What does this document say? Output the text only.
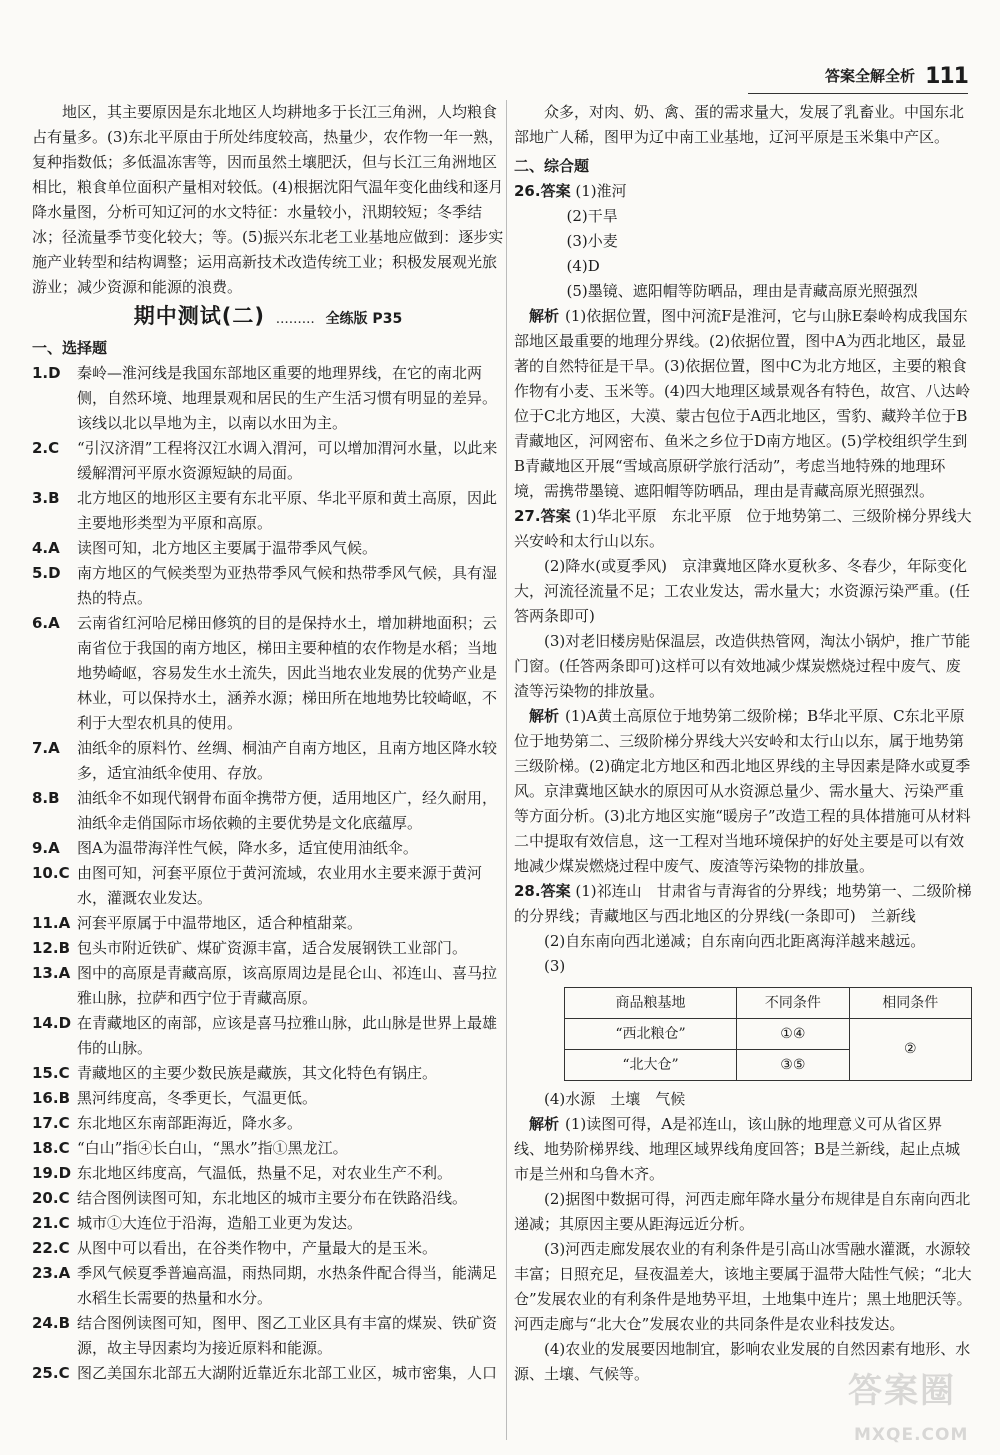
答案全解全析 111

地区，其主要原因是东北地区人均耕地多于长江三角洲，人均粮食占有量多。(3)东北平原由于所处纬度较高，热量少，农作物一年一熟，复种指数低；多低温冻害等，因而虽然土壤肥沃，但与长江三角洲地区相比，粮食单位面积产量相对较低。(4)根据沈阳气温年变化曲线和逐月降水量图，分析可知辽河的水文特征：水量较小，汛期较短；冬季结冰；径流量季节变化较大；等。(5)振兴东北老工业基地应做到：逐步实施产业转型和结构调整；运用高新技术改造传统工业；积极发展观光旅游业；减少资源和能源的浪费。

期中测试(二) ……… 全练版 P35

一、选择题

1.D 秦岭—淮河线是我国东部地区重要的地理界线，在它的南北两侧，自然环境、地理景观和居民的生产生活习惯有明显的差异。该线以北以旱地为主，以南以水田为主。

2.C “引汉济渭”工程将汉江水调入渭河，可以增加渭河水量，以此来缓解渭河平原水资源短缺的局面。

3.B 北方地区的地形区主要有东北平原、华北平原和黄土高原，因此主要地形类型为平原和高原。

4.A 读图可知，北方地区主要属于温带季风气候。

5.D 南方地区的气候类型为亚热带季风气候和热带季风气候，具有湿热的特点。

6.A 云南省红河哈尼梯田修筑的目的是保持水土，增加耕地面积；云南省位于我国的南方地区，梯田主要种植的农作物是水稻；当地地势崎岖，容易发生水土流失，因此当地农业发展的优势产业是林业，可以保持水土，涵养水源；梯田所在地地势比较崎岖，不利于大型农机具的使用。

7.A 油纸伞的原料竹、丝绸、桐油产自南方地区，且南方地区降水较多，适宜油纸伞使用、存放。

8.B 油纸伞不如现代钢骨布面伞携带方便，适用地区广，经久耐用，油纸伞走俏国际市场依赖的主要优势是文化底蕴厚。

9.A 图A为温带海洋性气候，降水多，适宜使用油纸伞。

10.C 由图可知，河套平原位于黄河流域，农业用水主要来源于黄河水，灌溉农业发达。

11.A 河套平原属于中温带地区，适合种植甜菜。

12.B 包头市附近铁矿、煤矿资源丰富，适合发展钢铁工业部门。

13.A 图中的高原是青藏高原，该高原周边是昆仑山、祁连山、喜马拉雅山脉，拉萨和西宁位于青藏高原。

14.D 在青藏地区的南部，应该是喜马拉雅山脉，此山脉是世界上最雄伟的山脉。

15.C 青藏地区的主要少数民族是藏族，其文化特色有锅庄。

16.B 黑河纬度高，冬季更长，气温更低。

17.C 东北地区东南部距海近，降水多。

18.C “白山”指④长白山，“黑水”指①黑龙江。

19.D 东北地区纬度高，气温低，热量不足，对农业生产不利。

20.C 结合图例读图可知，东北地区的城市主要分布在铁路沿线。

21.C 城市①大连位于沿海，造船工业更为发达。

22.C 从图中可以看出，在谷类作物中，产量最大的是玉米。

23.A 季风气候夏季普遍高温，雨热同期，水热条件配合得当，能满足水稻生长需要的热量和水分。

24.B 结合图例读图可知，图甲、图乙工业区具有丰富的煤炭、铁矿资源，故主导因素均为接近原料和能源。

25.C 图乙美国东北部五大湖附近靠近东北部工业区，城市密集，人口

众多，对肉、奶、禽、蛋的需求量大，发展了乳畜业。中国东北部地广人稀，图甲为辽中南工业基地，辽河平原是玉米集中产区。

二、综合题

26.答案 (1)淮河

(2)干旱

(3)小麦

(4)D

(5)墨镜、遮阳帽等防晒品，理由是青藏高原光照强烈

解析 (1)依据位置，图中河流F是淮河，它与山脉E秦岭构成我国东部地区最重要的地理分界线。(2)依据位置，图中A为西北地区，最显著的自然特征是干旱。(3)依据位置，图中C为北方地区，主要的粮食作物有小麦、玉米等。(4)四大地理区域景观各有特色，故宫、八达岭位于C北方地区，大漠、蒙古包位于A西北地区，雪豹、藏羚羊位于B青藏地区，河网密布、鱼米之乡位于D南方地区。(5)学校组织学生到B青藏地区开展“雪域高原研学旅行活动”，考虑当地特殊的地理环境，需携带墨镜、遮阳帽等防晒品，理由是青藏高原光照强烈。

27.答案 (1)华北平原　东北平原　位于地势第二、三级阶梯分界线大兴安岭和太行山以东。

(2)降水(或夏季风)　京津冀地区降水夏秋多、冬春少，年际变化大，河流径流量不足；工农业发达，需水量大；水资源污染严重。(任答两条即可)

(3)对老旧楼房贴保温层，改造供热管网，淘汰小锅炉，推广节能门窗。(任答两条即可)这样可以有效地减少煤炭燃烧过程中废气、废渣等污染物的排放量。

解析 (1)A黄土高原位于地势第二级阶梯；B华北平原、C东北平原位于地势第二、三级阶梯分界线大兴安岭和太行山以东，属于地势第三级阶梯。(2)确定北方地区和西北地区界线的主导因素是降水或夏季风。京津冀地区缺水的原因可从水资源总量少、需水量大、污染严重等方面分析。(3)北方地区实施“暖房子”改造工程的具体措施可从材料二中提取有效信息，这一工程对当地环境保护的好处主要是可以有效地减少煤炭燃烧过程中废气、废渣等污染物的排放量。

28.答案 (1)祁连山　甘肃省与青海省的分界线；地势第一、二级阶梯的分界线；青藏地区与西北地区的分界线(一条即可)　兰新线

(2)自东南向西北递减；自东南向西北距离海洋越来越远。

(3)

商品粮基地	不同条件	相同条件
“西北粮仓”	①④	②
“北大仓”	③⑤	

(4)水源　土壤　气候

解析 (1)读图可得，A是祁连山，该山脉的地理意义可从省区界线、地势阶梯界线、地理区域界线角度回答；B是兰新线，起止点城市是兰州和乌鲁木齐。

(2)据图中数据可得，河西走廊年降水量分布规律是自东南向西北递减；其原因主要从距海远近分析。

(3)河西走廊发展农业的有利条件是引高山冰雪融水灌溉，水源较丰富；日照充足，昼夜温差大，该地主要属于温带大陆性气候；“北大仓”发展农业的有利条件是地势平坦，土地集中连片；黑土地肥沃等。河西走廊与“北大仓”发展农业的共同条件是农业科技发达。

(4)农业的发展要因地制宜，影响农业发展的自然因素有地形、水源、土壤、气候等。	答案圈
MXQE.COM
